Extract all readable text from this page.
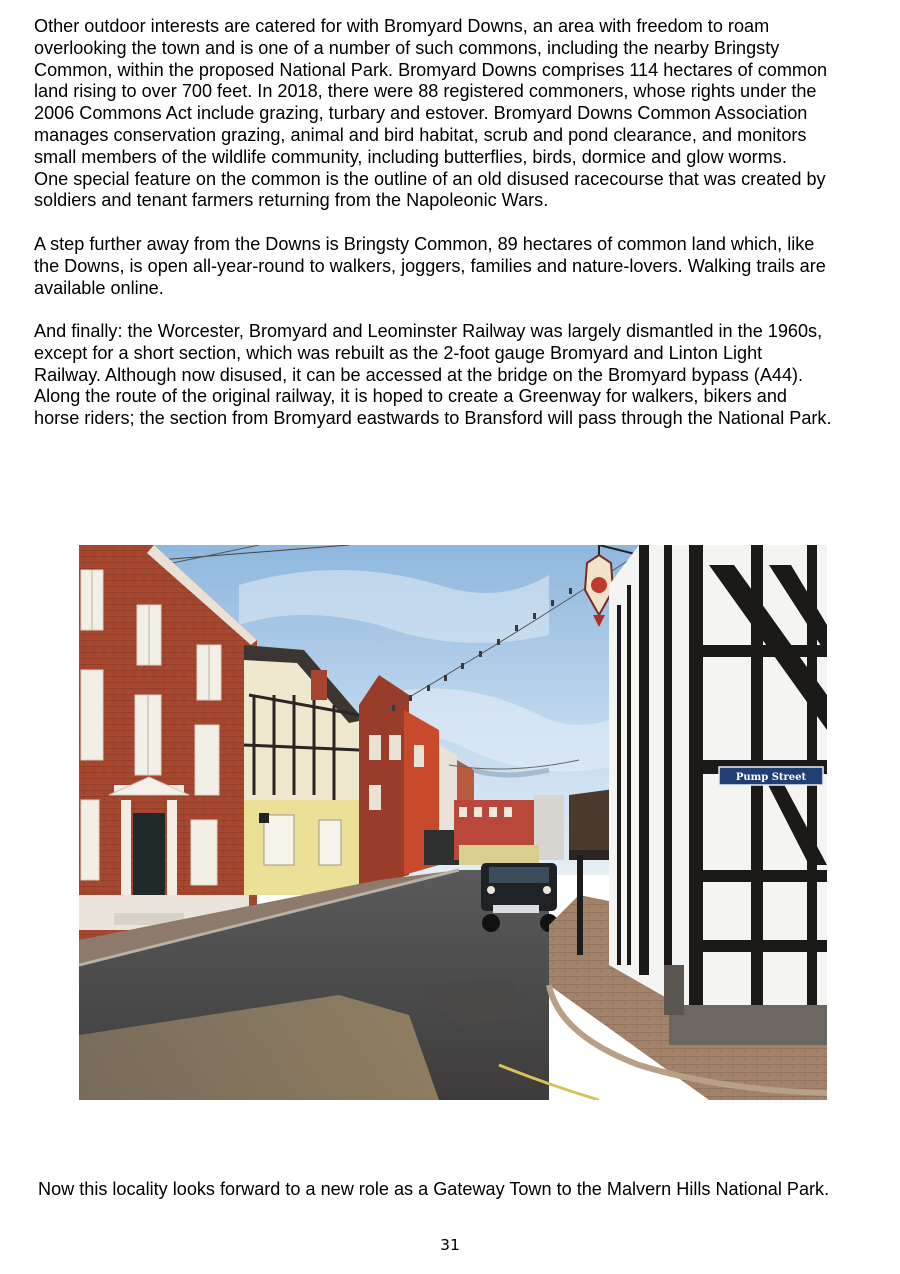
Other outdoor interests are catered for with Bromyard Downs, an area with freedom to roam
overlooking the town and is one of a number of such commons, including the nearby Bringsty
Common, within the proposed National Park. Bromyard Downs comprises 114 hectares of common
land rising to over 700 feet. In 2018, there were 88 registered commoners, whose rights under the
2006 Commons Act include grazing, turbary and estover. Bromyard Downs Common Association
manages conservation grazing, animal and bird habitat, scrub and pond clearance, and monitors
small members of the wildlife community, including butterflies, birds, dormice and glow worms.
One special feature on the common is the outline of an old disused racecourse that was created by
soldiers and tenant farmers returning from the Napoleonic Wars.

A step further away from the Downs is Bringsty Common, 89 hectares of common land which, like
the Downs, is open all-year-round to walkers, joggers, families and nature-lovers. Walking trails are
available online.

And finally: the Worcester, Bromyard and Leominster Railway was largely dismantled in the 1960s,
except for a short section, which was rebuilt as the 2-foot gauge Bromyard and Linton Light
Railway. Although now disused, it can be accessed at the bridge on the Bromyard bypass (A44).
Along the route of the original railway, it is hoped to create a Greenway for walkers, bikers and
horse riders; the section from Bromyard eastwards to Bransford will pass through the National Park.

Pump Street

Now this locality looks forward to a new role as a Gateway Town to the Malvern Hills National Park.

31
